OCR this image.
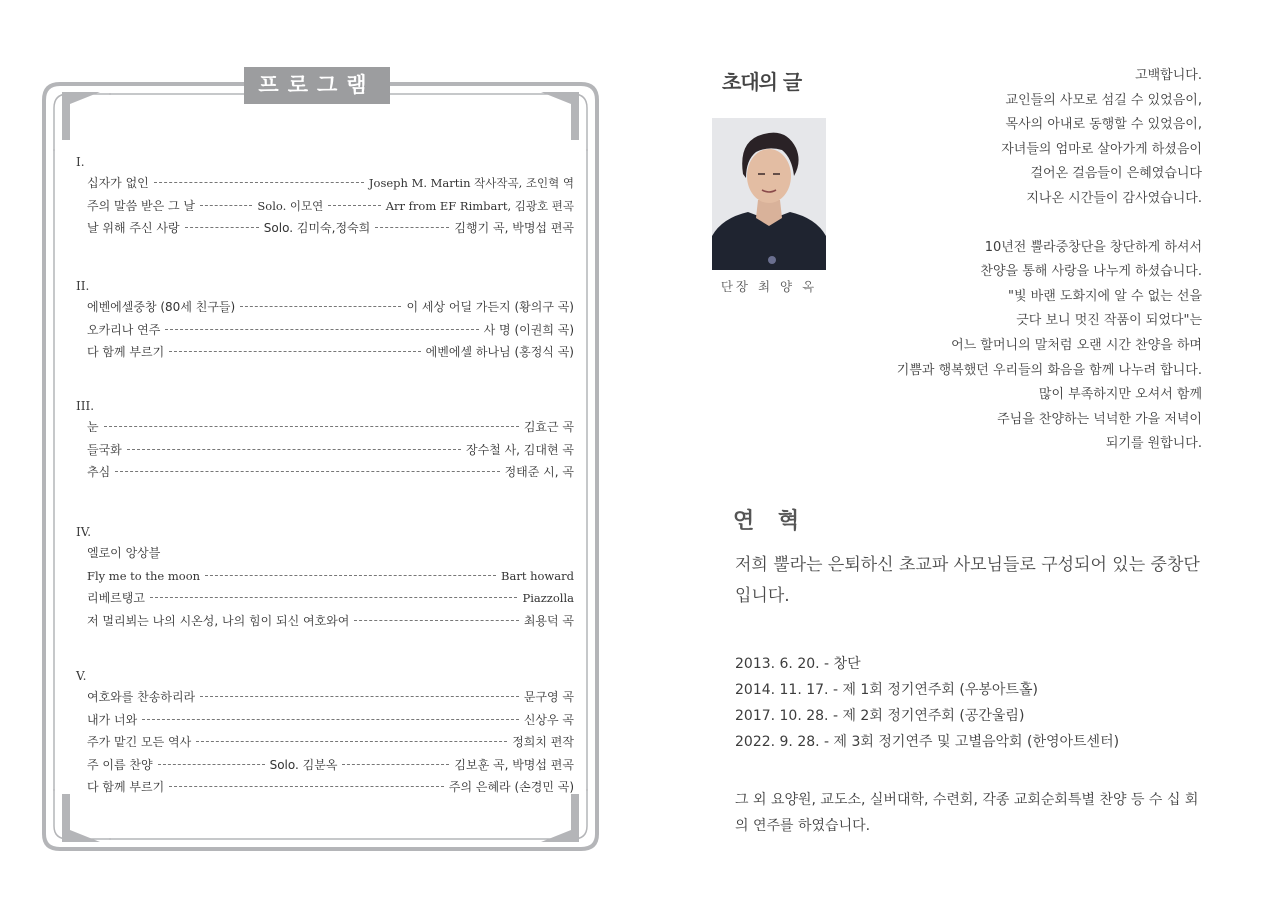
프로그램
I.
십자가 없인	Joseph M. Martin 작사작곡, 조인혁 역
주의 말씀 받은 그 날	Solo. 이모연	Arr from EF Rimbart, 김광호 편곡
날 위해 주신 사랑	Solo. 김미숙,정숙희	김행기 곡, 박명섭 편곡
II.
에벤에셀중창 (80세 친구들)	이 세상 어딜 가든지 (황의구 곡)
오카리나 연주	사 명 (이권희 곡)
다 함께 부르기	에벤에셀 하나님 (홍정식 곡)
III.
눈	김효근 곡
들국화	장수철 사, 김대현 곡
추심	정태준 시, 곡
IV.
엘로이 앙상블
Fly me to the moon	Bart howard
리베르탱고	Piazzolla
저 멀리뵈는 나의 시온성, 나의 힘이 되신 여호와여	최용덕 곡
V.
여호와를 찬송하리라	문구영 곡
내가 너와	신상우 곡
주가 맡긴 모든 역사	정희치 편작
주 이름 찬양	Solo. 김분옥	김보훈 곡, 박명섭 편곡
다 함께 부르기	주의 은혜라 (손경민 곡)
초대의 글
단장 최 양 옥
고백합니다.
교인들의 사모로 섬길 수 있었음이,
목사의 아내로 동행할 수 있었음이,
자녀들의 엄마로 살아가게 하셨음이
걸어온 걸음들이 은혜였습니다
지나온 시간들이 감사였습니다.
10년전 뿔라중창단을 창단하게 하셔서
찬양을 통해 사랑을 나누게 하셨습니다.
"빛 바랜 도화지에 알 수 없는 선을
긋다 보니 멋진 작품이 되었다"는
어느 할머니의 말처럼 오랜 시간 찬양을 하며
기쁨과 행복했던 우리들의 화음을 함께 나누려 합니다.
많이 부족하지만 오셔서 함께
주님을 찬양하는 넉넉한 가을 저녁이
되기를 원합니다.
연 혁
저희 뿔라는 은퇴하신 초교파 사모님들로 구성되어 있는 중창단입니다.
2013. 6. 20. - 창단
2014. 11. 17. - 제 1회 정기연주회 (우봉아트홀)
2017. 10. 28. - 제 2회 정기연주회 (공간울림)
2022. 9. 28. - 제 3회 정기연주 및 고별음악회 (한영아트센터)
그 외 요양원, 교도소, 실버대학, 수련회, 각종 교회순회특별 찬양 등 수 십 회의 연주를 하였습니다.
